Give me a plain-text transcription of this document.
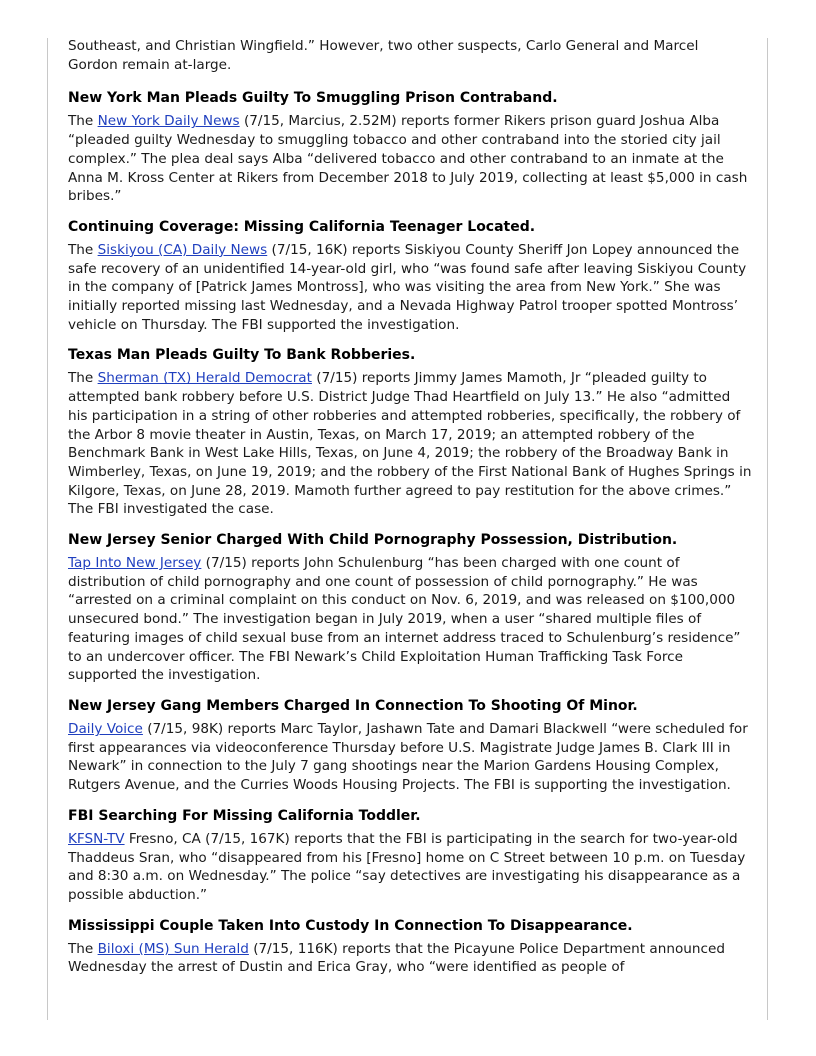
Southeast, and Christian Wingfield.” However, two other suspects, Carlo General and Marcel Gordon remain at-large.

New York Man Pleads Guilty To Smuggling Prison Contraband.

The New York Daily News (7/15, Marcius, 2.52M) reports former Rikers prison guard Joshua Alba “pleaded guilty Wednesday to smuggling tobacco and other contraband into the storied city jail complex.” The plea deal says Alba “delivered tobacco and other contraband to an inmate at the Anna M. Kross Center at Rikers from December 2018 to July 2019, collecting at least $5,000 in cash bribes.”

Continuing Coverage: Missing California Teenager Located.

The Siskiyou (CA) Daily News (7/15, 16K) reports Siskiyou County Sheriff Jon Lopey announced the safe recovery of an unidentified 14-year-old girl, who “was found safe after leaving Siskiyou County in the company of [Patrick James Montross], who was visiting the area from New York.” She was initially reported missing last Wednesday, and a Nevada Highway Patrol trooper spotted Montross’ vehicle on Thursday. The FBI supported the investigation.

Texas Man Pleads Guilty To Bank Robberies.

The Sherman (TX) Herald Democrat (7/15) reports Jimmy James Mamoth, Jr “pleaded guilty to attempted bank robbery before U.S. District Judge Thad Heartfield on July 13.” He also “admitted his participation in a string of other robberies and attempted robberies, specifically, the robbery of the Arbor 8 movie theater in Austin, Texas, on March 17, 2019; an attempted robbery of the Benchmark Bank in West Lake Hills, Texas, on June 4, 2019; the robbery of the Broadway Bank in Wimberley, Texas, on June 19, 2019; and the robbery of the First National Bank of Hughes Springs in Kilgore, Texas, on June 28, 2019. Mamoth further agreed to pay restitution for the above crimes.” The FBI investigated the case.

New Jersey Senior Charged With Child Pornography Possession, Distribution.

Tap Into New Jersey (7/15) reports John Schulenburg “has been charged with one count of distribution of child pornography and one count of possession of child pornography.” He was “arrested on a criminal complaint on this conduct on Nov. 6, 2019, and was released on $100,000 unsecured bond.” The investigation began in July 2019, when a user “shared multiple files of featuring images of child sexual buse from an internet address traced to Schulenburg’s residence” to an undercover officer. The FBI Newark’s Child Exploitation Human Trafficking Task Force supported the investigation.

New Jersey Gang Members Charged In Connection To Shooting Of Minor.

Daily Voice (7/15, 98K) reports Marc Taylor, Jashawn Tate and Damari Blackwell “were scheduled for first appearances via videoconference Thursday before U.S. Magistrate Judge James B. Clark III in Newark” in connection to the July 7 gang shootings near the Marion Gardens Housing Complex, Rutgers Avenue, and the Curries Woods Housing Projects. The FBI is supporting the investigation.

FBI Searching For Missing California Toddler.

KFSN-TV Fresno, CA (7/15, 167K) reports that the FBI is participating in the search for two-year-old Thaddeus Sran, who “disappeared from his [Fresno] home on C Street between 10 p.m. on Tuesday and 8:30 a.m. on Wednesday.” The police “say detectives are investigating his disappearance as a possible abduction.”

Mississippi Couple Taken Into Custody In Connection To Disappearance.

The Biloxi (MS) Sun Herald (7/15, 116K) reports that the Picayune Police Department announced Wednesday the arrest of Dustin and Erica Gray, who “were identified as people of
